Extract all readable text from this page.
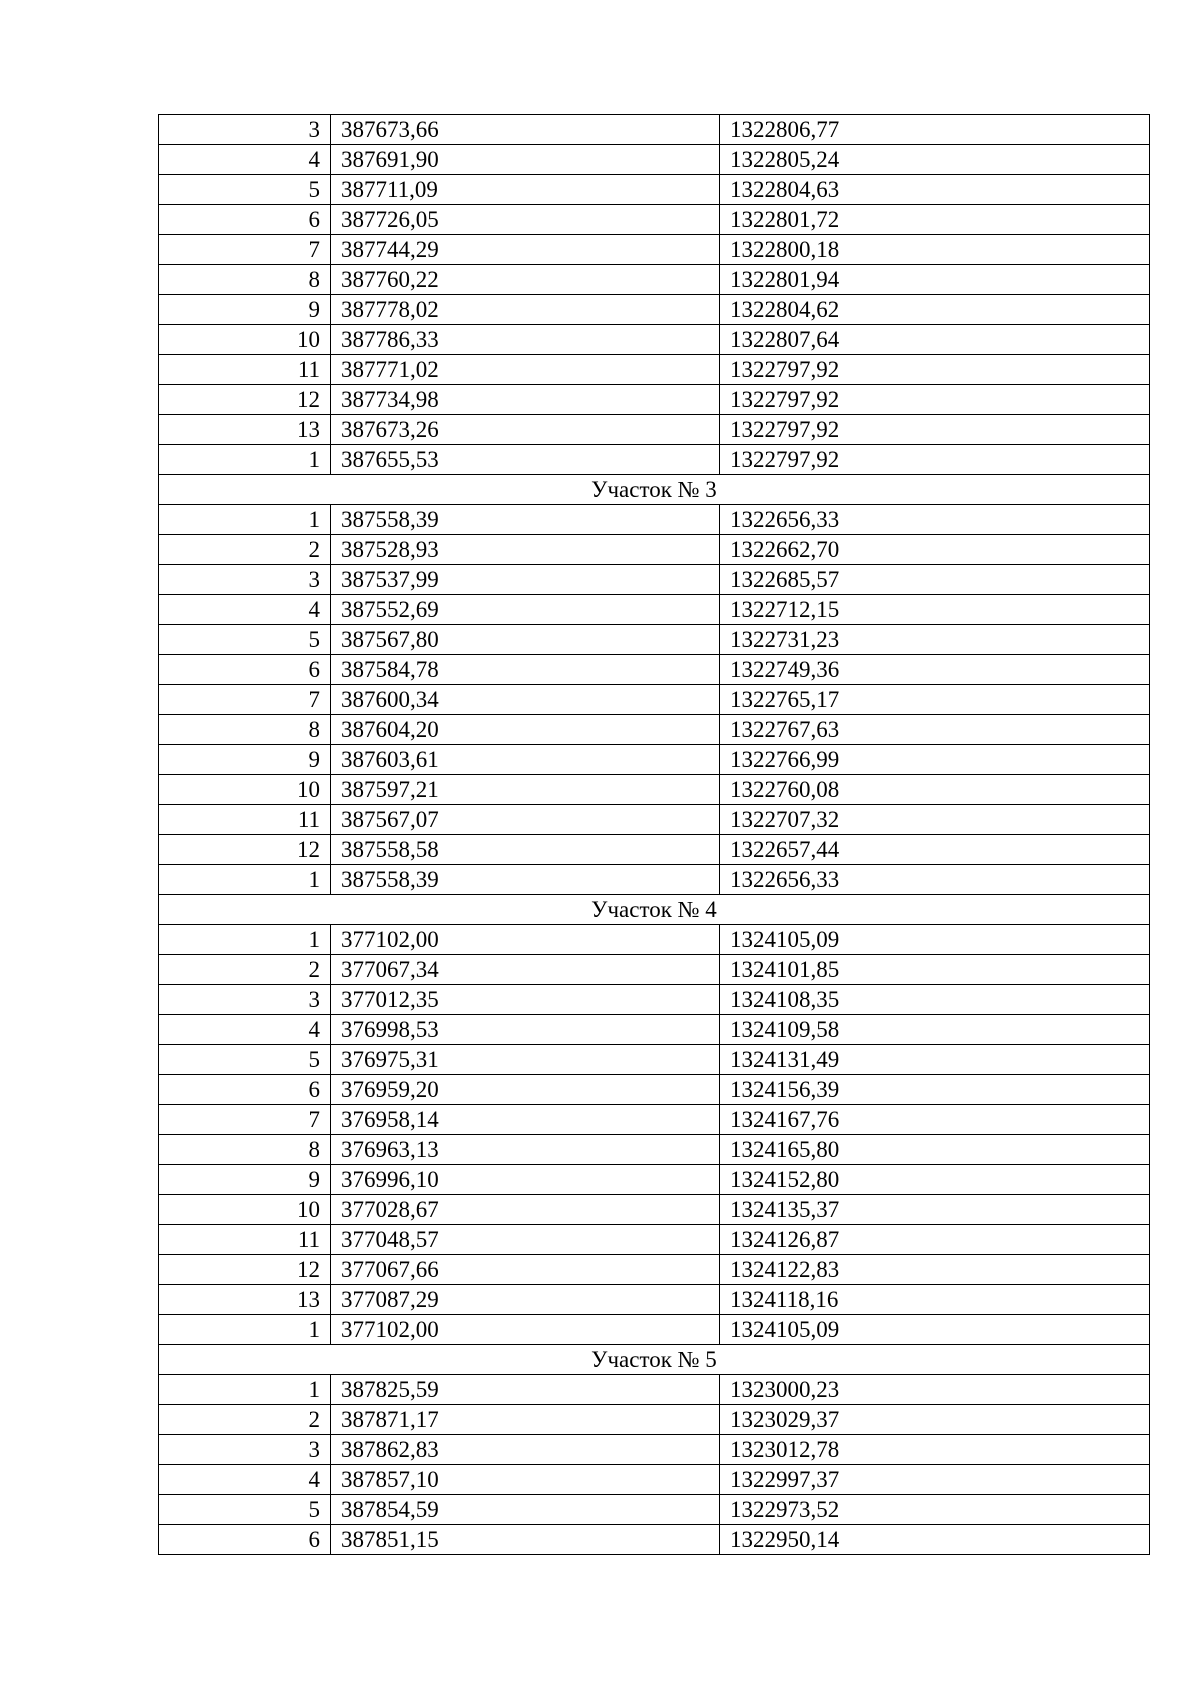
3	387673,66	1322806,77
4	387691,90	1322805,24
5	387711,09	1322804,63
6	387726,05	1322801,72
7	387744,29	1322800,18
8	387760,22	1322801,94
9	387778,02	1322804,62
10	387786,33	1322807,64
11	387771,02	1322797,92
12	387734,98	1322797,92
13	387673,26	1322797,92
1	387655,53	1322797,92
Участок № 3		
1	387558,39	1322656,33
2	387528,93	1322662,70
3	387537,99	1322685,57
4	387552,69	1322712,15
5	387567,80	1322731,23
6	387584,78	1322749,36
7	387600,34	1322765,17
8	387604,20	1322767,63
9	387603,61	1322766,99
10	387597,21	1322760,08
11	387567,07	1322707,32
12	387558,58	1322657,44
1	387558,39	1322656,33
Участок № 4		
1	377102,00	1324105,09
2	377067,34	1324101,85
3	377012,35	1324108,35
4	376998,53	1324109,58
5	376975,31	1324131,49
6	376959,20	1324156,39
7	376958,14	1324167,76
8	376963,13	1324165,80
9	376996,10	1324152,80
10	377028,67	1324135,37
11	377048,57	1324126,87
12	377067,66	1324122,83
13	377087,29	1324118,16
1	377102,00	1324105,09
Участок № 5		
1	387825,59	1323000,23
2	387871,17	1323029,37
3	387862,83	1323012,78
4	387857,10	1322997,37
5	387854,59	1322973,52
6	387851,15	1322950,14
